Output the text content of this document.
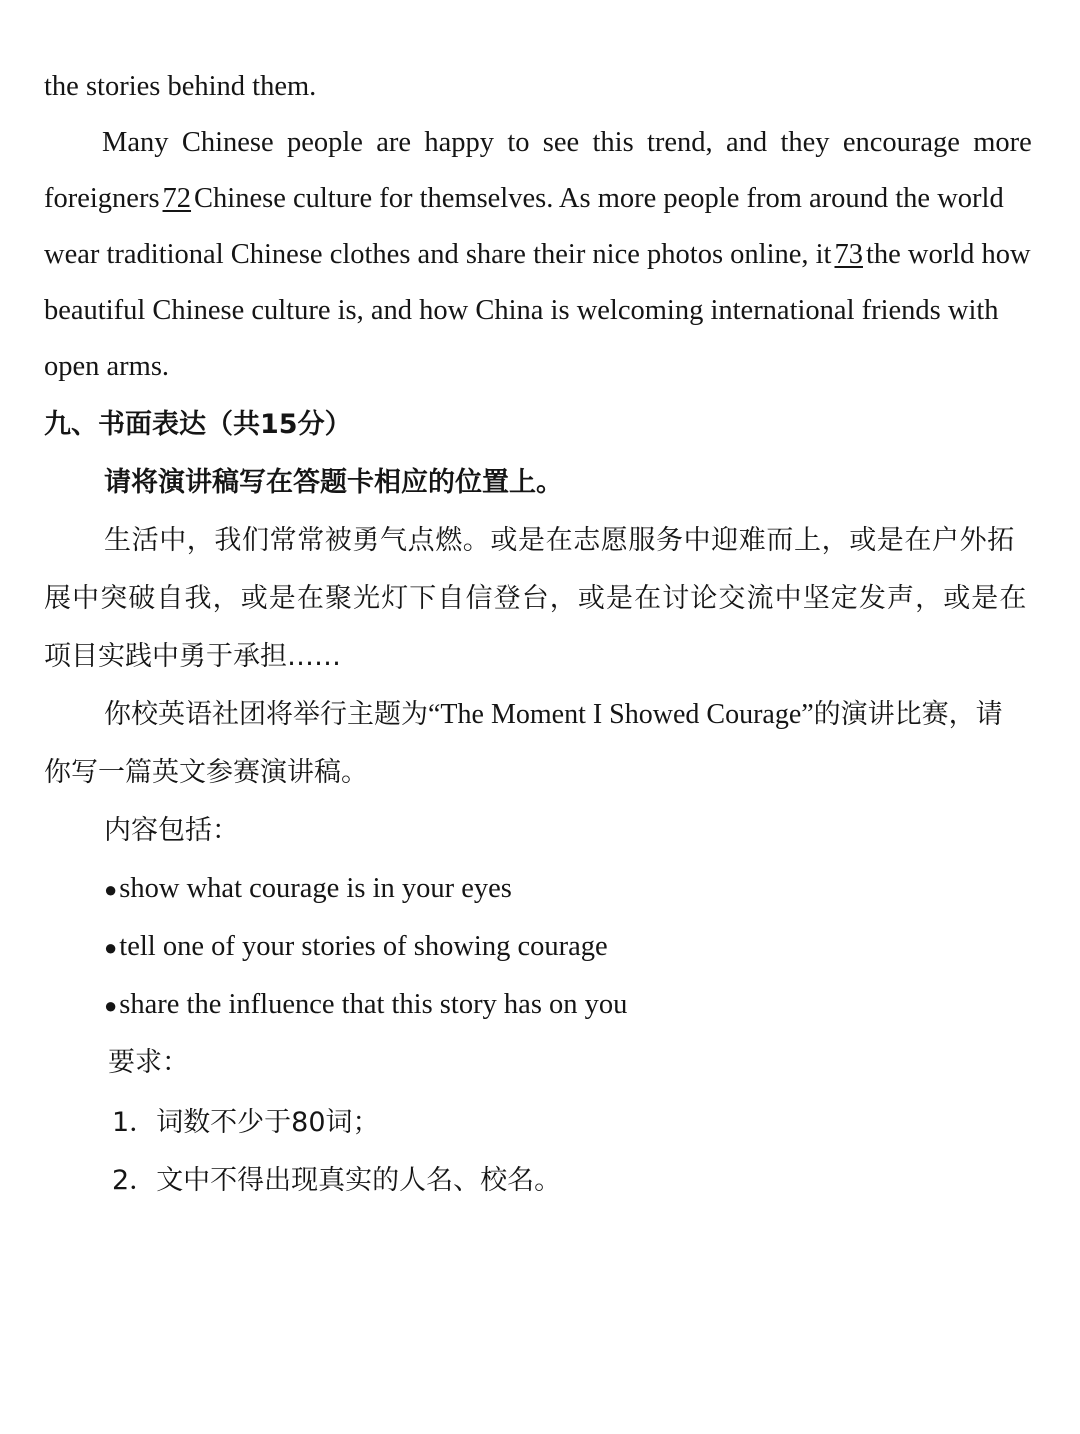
the stories behind them.
Many Chinese people are happy to see this trend, and they encourage more
foreigners 72 Chinese culture for themselves. As more people from around the world
wear traditional Chinese clothes and share their nice photos online, it 73 the world how
beautiful Chinese culture is, and how China is welcoming international friends with
open arms.
九、书面表达（共15分）
请将演讲稿写在答题卡相应的位置上。
生活中，我们常常被勇气点燃。或是在志愿服务中迎难而上，或是在户外拓
展中突破自我，或是在聚光灯下自信登台，或是在讨论交流中坚定发声，或是在
项目实践中勇于承担……
你校英语社团将举行主题为“The Moment I Showed Courage”的演讲比赛，请
你写一篇英文参赛演讲稿。
内容包括：
●show what courage is in your eyes
●tell one of your stories of showing courage
●share the influence that this story has on you
要求：
1．词数不少于80词；
2．文中不得出现真实的人名、校名。
